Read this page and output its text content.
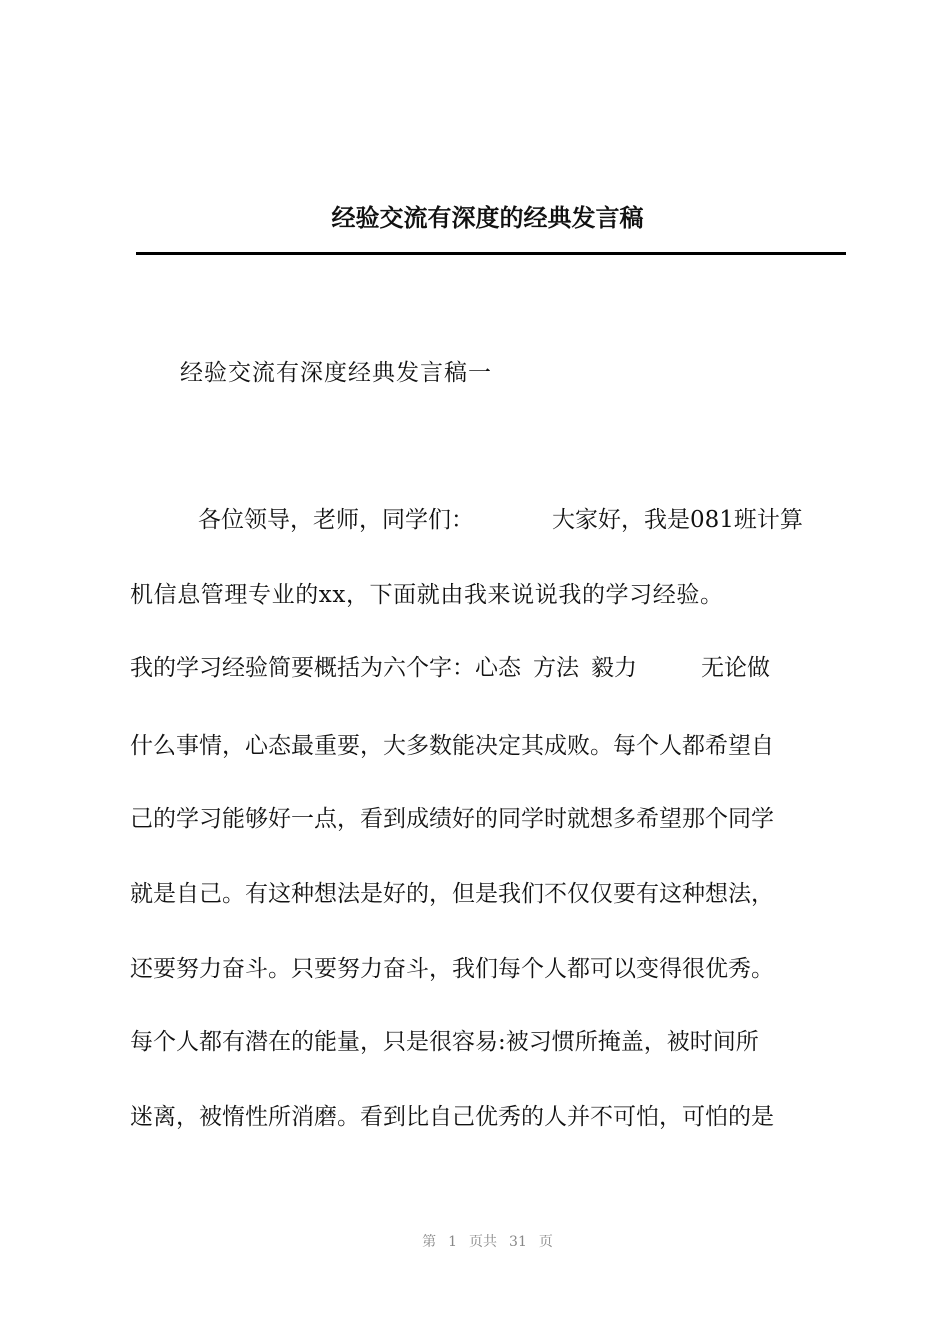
经验交流有深度的经典发言稿

经验交流有深度经典发言稿一

各位领导，老师，同学们：	大家好，我是081班计算

机信息管理专业的xx，下面就由我来说说我的学习经验。

我的学习经验简要概括为六个字：心态 方法 毅力	无论做

什么事情，心态最重要，大多数能决定其成败。每个人都希望自

己的学习能够好一点，看到成绩好的同学时就想多希望那个同学

就是自己。有这种想法是好的，但是我们不仅仅要有这种想法，

还要努力奋斗。只要努力奋斗，我们每个人都可以变得很优秀。

每个人都有潜在的能量，只是很容易:被习惯所掩盖，被时间所

迷离，被惰性所消磨。看到比自己优秀的人并不可怕，可怕的是

第 1 页共 31 页
